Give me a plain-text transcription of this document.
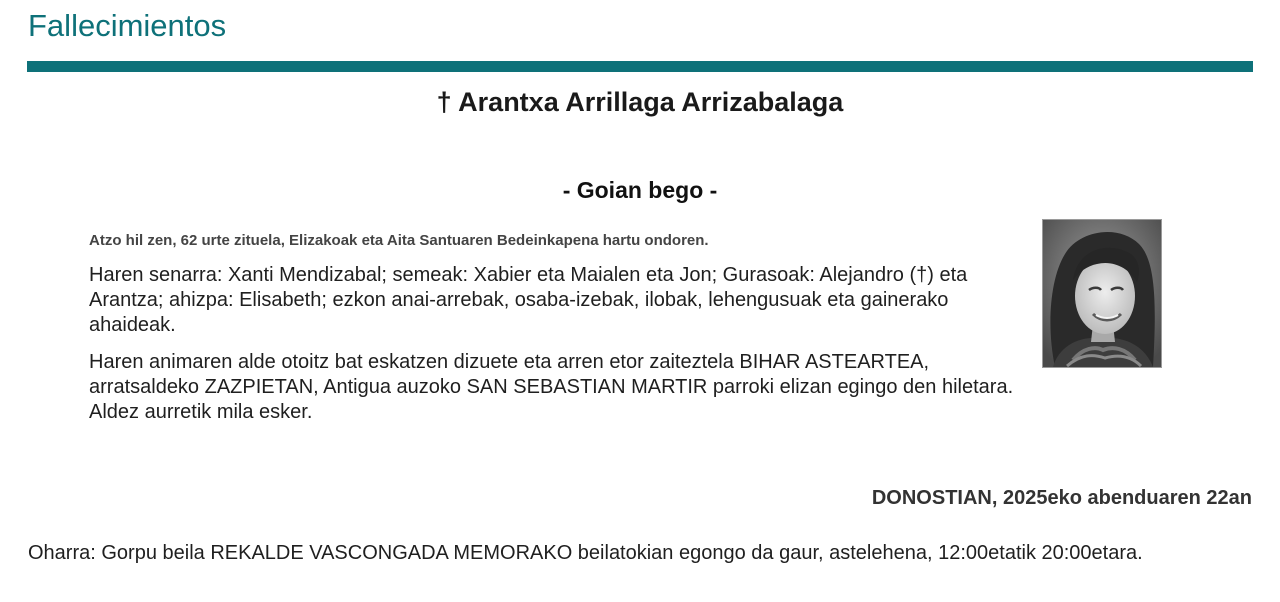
Fallecimientos
† Arantxa Arrillaga Arrizabalaga
- Goian bego -
Atzo hil zen, 62 urte zituela, Elizakoak eta Aita Santuaren Bedeinkapena hartu ondoren.
Haren senarra: Xanti Mendizabal; semeak: Xabier eta Maialen eta Jon; Gurasoak: Alejandro (†) eta Arantza; ahizpa: Elisabeth; ezkon anai-arrebak, osaba-izebak, ilobak, lehengusuak eta gainerako ahaideak.
Haren animaren alde otoitz bat eskatzen dizuete eta arren etor zaiteztela BIHAR ASTEARTEA, arratsaldeko ZAZPIETAN, Antigua auzoko SAN SEBASTIAN MARTIR parroki elizan egingo den hiletara. Aldez aurretik mila esker.
DONOSTIAN, 2025eko abenduaren 22an
Oharra: Gorpu beila REKALDE VASCONGADA MEMORAKO beilatokian egongo da gaur, astelehena, 12:00etatik 20:00etara.
